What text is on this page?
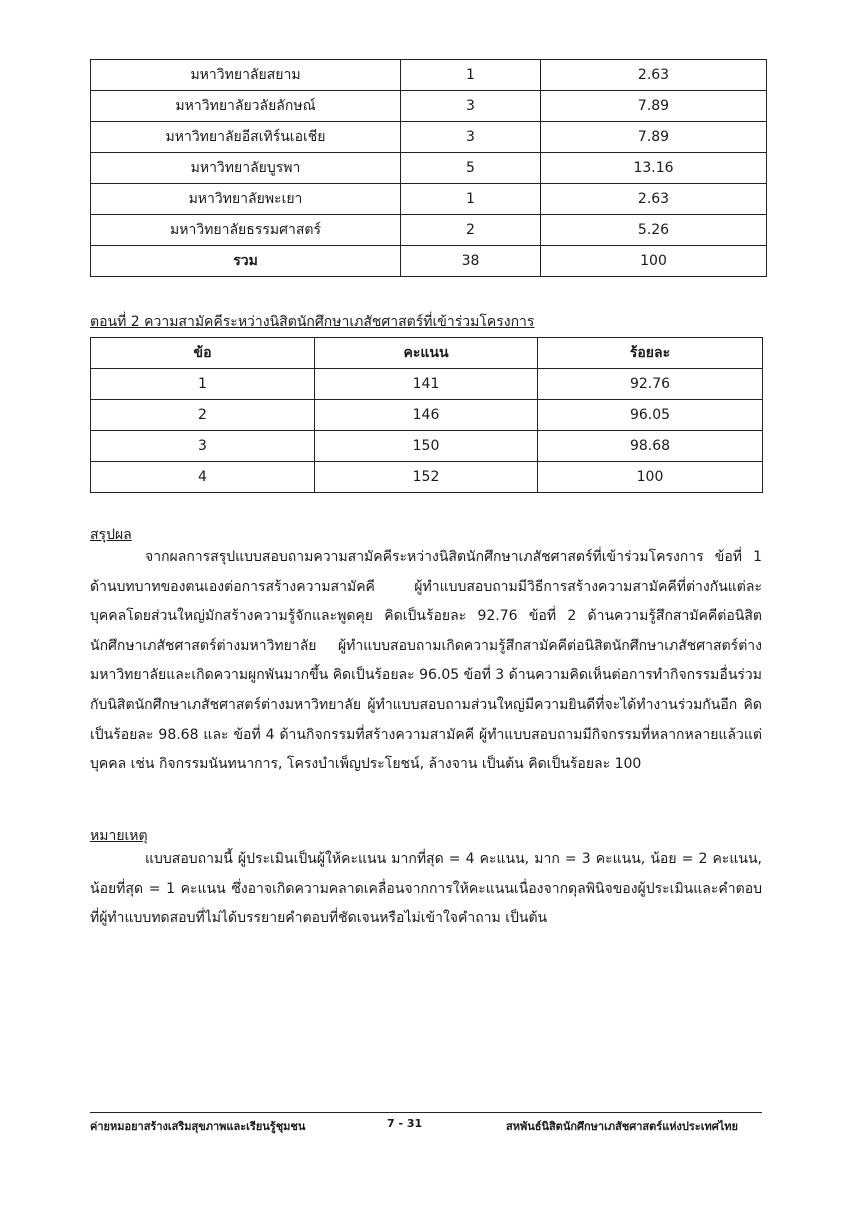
มหาวิทยาลัยสยาม	1	2.63
มหาวิทยาลัยวลัยลักษณ์	3	7.89
มหาวิทยาลัยอีสเทิร์นเอเชีย	3	7.89
มหาวิทยาลัยบูรพา	5	13.16
มหาวิทยาลัยพะเยา	1	2.63
มหาวิทยาลัยธรรมศาสตร์	2	5.26
รวม	38	100
ตอนที่ 2 ความสามัคคีระหว่างนิสิตนักศึกษาเภสัชศาสตร์ที่เข้าร่วมโครงการ
ข้อ	คะแนน	ร้อยละ
1	141	92.76
2	146	96.05
3	150	98.68
4	152	100
สรุปผล
จากผลการสรุปแบบสอบถามความสามัคคีระหว่างนิสิตนักศึกษาเภสัชศาสตร์ที่เข้าร่วมโครงการ ข้อที่ 1 ด้านบทบาทของตนเองต่อการสร้างความสามัคคี ผู้ทำแบบสอบถามมีวิธีการสร้างความสามัคคีที่ต่างกันแต่ละบุคคลโดยส่วนใหญ่มักสร้างความรู้จักและพูดคุย คิดเป็นร้อยละ 92.76 ข้อที่ 2 ด้านความรู้สึกสามัคคีต่อนิสิตนักศึกษาเภสัชศาสตร์ต่างมหาวิทยาลัย ผู้ทำแบบสอบถามเกิดความรู้สึกสามัคคีต่อนิสิตนักศึกษาเภสัชศาสตร์ต่างมหาวิทยาลัยและเกิดความผูกพันมากขึ้น คิดเป็นร้อยละ 96.05 ข้อที่ 3 ด้านความคิดเห็นต่อการทำกิจกรรมอื่นร่วมกับนิสิตนักศึกษาเภสัชศาสตร์ต่างมหาวิทยาลัย ผู้ทำแบบสอบถามส่วนใหญ่มีความยินดีที่จะได้ทำงานร่วมกันอีก คิดเป็นร้อยละ 98.68 และ ข้อที่ 4 ด้านกิจกรรมที่สร้างความสามัคคี ผู้ทำแบบสอบถามมีกิจกรรมที่หลากหลายแล้วแต่บุคคล เช่น กิจกรรมนันทนาการ, โครงบำเพ็ญประโยชน์, ล้างจาน เป็นต้น คิดเป็นร้อยละ 100
หมายเหตุ
แบบสอบถามนี้ ผู้ประเมินเป็นผู้ให้คะแนน มากที่สุด = 4 คะแนน, มาก = 3 คะแนน, น้อย = 2 คะแนน, น้อยที่สุด = 1 คะแนน ซึ่งอาจเกิดความคลาดเคลื่อนจากการให้คะแนนเนื่องจากดุลพินิจของผู้ประเมินและคำตอบที่ผู้ทำแบบทดสอบที่ไม่ได้บรรยายคำตอบที่ชัดเจนหรือไม่เข้าใจคำถาม เป็นต้น
ค่ายหมอยาสร้างเสริมสุขภาพและเรียนรู้ชุมชน	7 - 31	สหพันธ์นิสิตนักศึกษาเภสัชศาสตร์แห่งประเทศไทย
